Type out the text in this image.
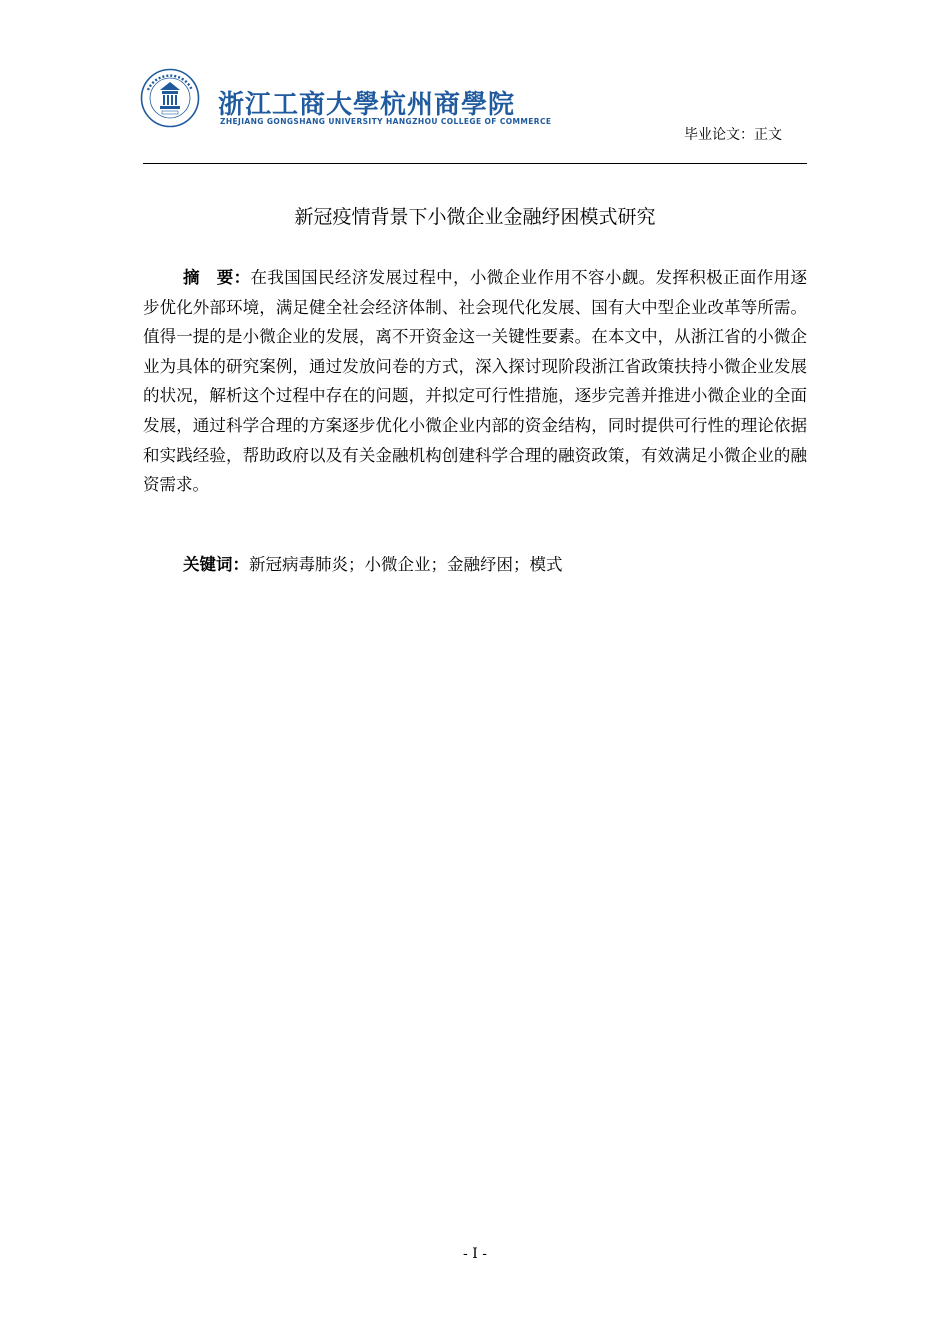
浙江工商大學杭州商學院
ZHEJIANG GONGSHANG UNIVERSITY HANGZHOU COLLEGE OF COMMERCE
毕业论文：正文
新冠疫情背景下小微企业金融纾困模式研究
摘　要：在我国国民经济发展过程中，小微企业作用不容小觑。发挥积极正面作用逐步优化外部环境，满足健全社会经济体制、社会现代化发展、国有大中型企业改革等所需。值得一提的是小微企业的发展，离不开资金这一关键性要素。在本文中，从浙江省的小微企业为具体的研究案例，通过发放问卷的方式，深入探讨现阶段浙江省政策扶持小微企业发展的状况，解析这个过程中存在的问题，并拟定可行性措施，逐步完善并推进小微企业的全面发展，通过科学合理的方案逐步优化小微企业内部的资金结构，同时提供可行性的理论依据和实践经验，帮助政府以及有关金融机构创建科学合理的融资政策，有效满足小微企业的融资需求。
关键词：新冠病毒肺炎；小微企业；金融纾困；模式
- I -
